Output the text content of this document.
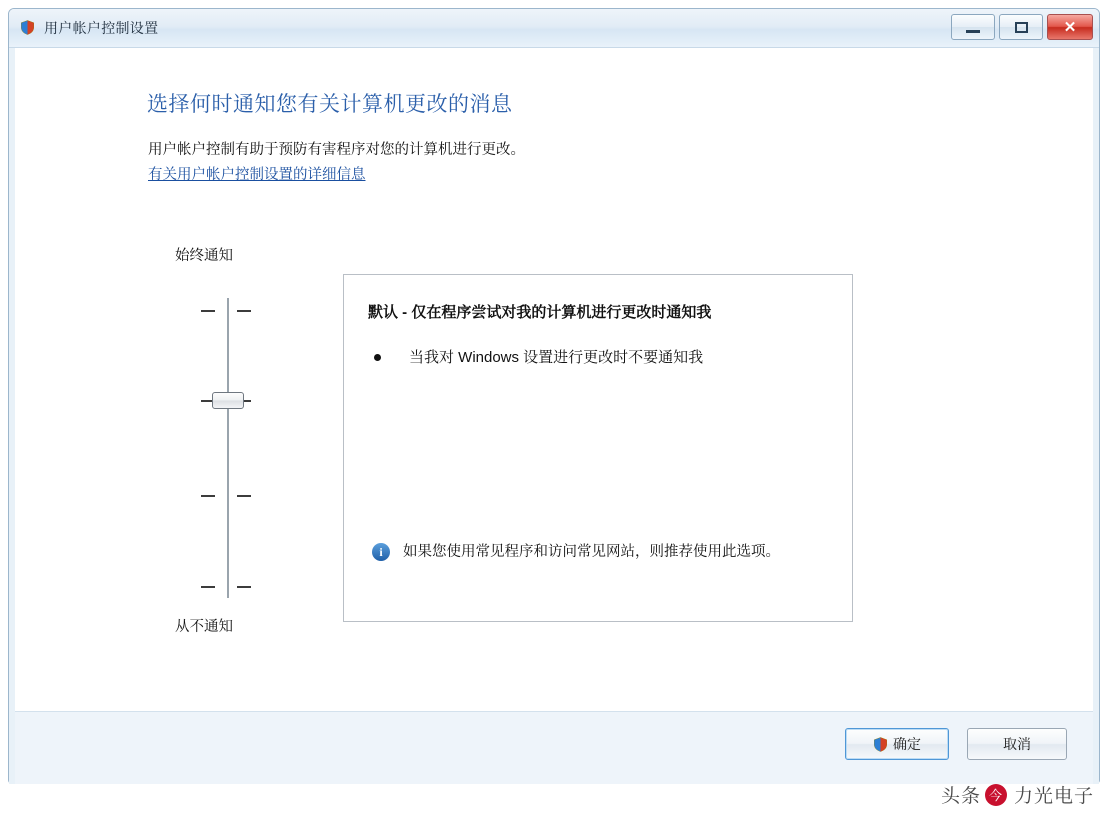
用户帐户控制设置	✕
选择何时通知您有关计算机更改的消息
用户帐户控制有助于预防有害程序对您的计算机进行更改。
有关用户帐户控制设置的详细信息
始终通知
从不通知
默认 - 仅在程序尝试对我的计算机进行更改时通知我
当我对 Windows 设置进行更改时不要通知我
i	如果您使用常见程序和访问常见网站，则推荐使用此选项。
确定	取消
头条 今 力光电子
